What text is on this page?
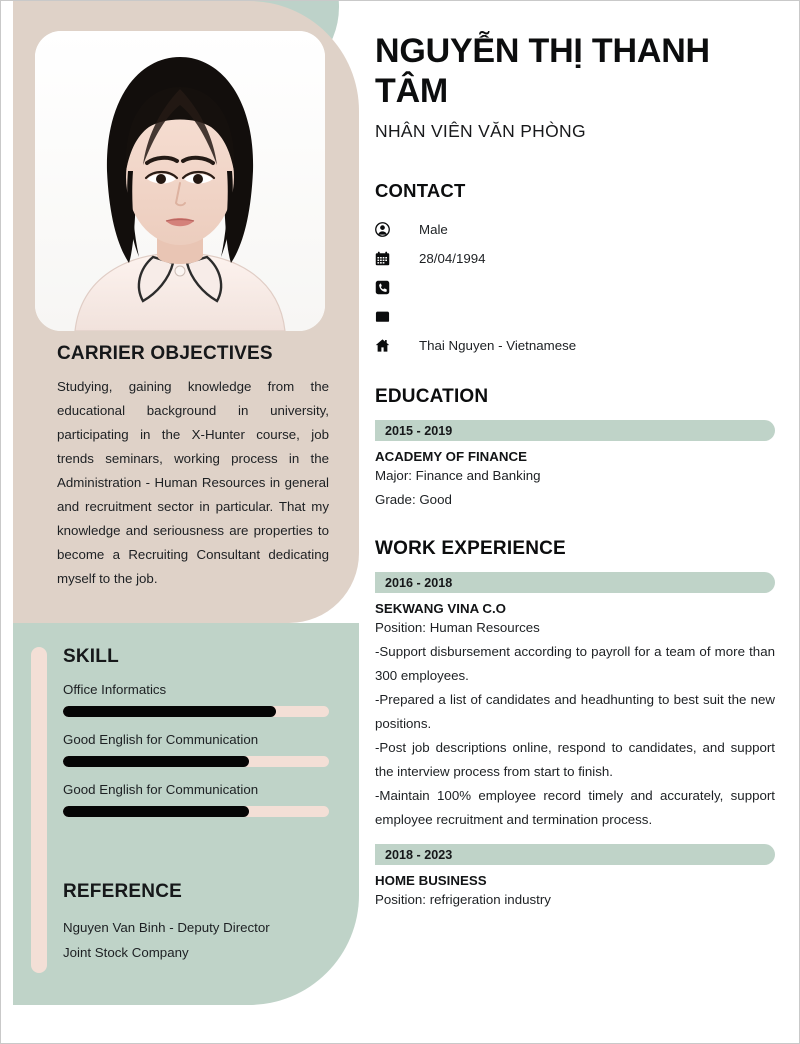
CARRIER OBJECTIVES

Studying, gaining knowledge from the educational background in university, participating in the X-Hunter course, job trends seminars, working process in the Administration - Human Resources in general and recruitment sector in particular. That my knowledge and seriousness are properties to become a Recruiting Consultant dedicating myself to the job.

SKILL

Office Informatics

Good English for Communication

Good English for Communication

REFERENCE

Nguyen Van Binh - Deputy Director

Joint Stock Company

NGUYỄN THỊ THANH TÂM

NHÂN VIÊN VĂN PHÒNG

CONTACT
Male
28/04/1994
Thai Nguyen - Vietnamese
EDUCATION
2015 - 2019

ACADEMY OF FINANCE

Major: Finance and Banking

Grade: Good

WORK EXPERIENCE
2016 - 2018

SEKWANG VINA C.O

Position: Human Resources

-Support disbursement according to payroll for a team of more than 300 employees.

-Prepared a list of candidates and headhunting to best suit the new positions.

-Post job descriptions online, respond to candidates, and support the interview process from start to finish.

-Maintain 100% employee record timely and accurately, support employee recruitment and termination process.

2018 - 2023

HOME BUSINESS

Position: refrigeration industry
